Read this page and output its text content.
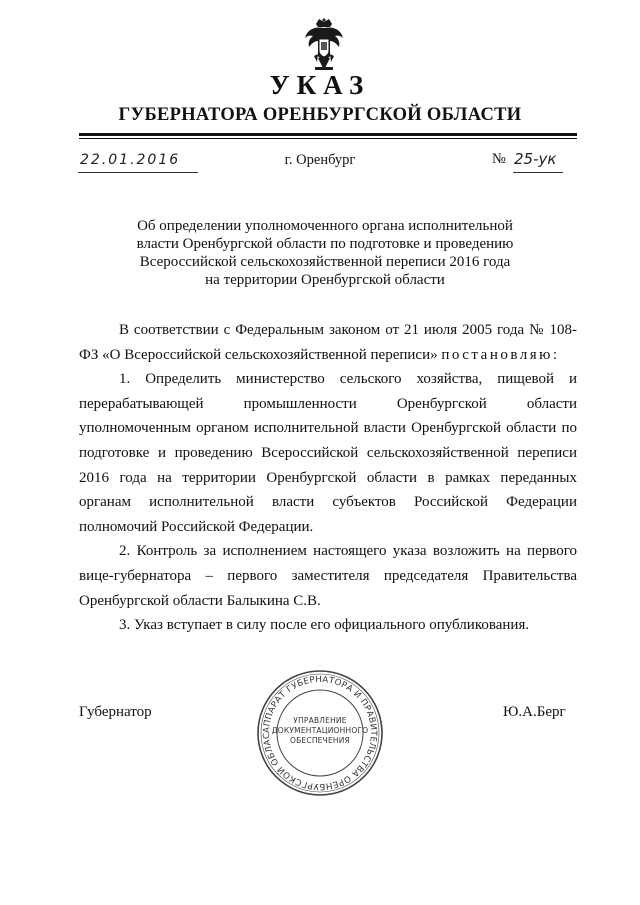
УКАЗ
ГУБЕРНАТОРА ОРЕНБУРГСКОЙ ОБЛАСТИ
22.01.2016	г. Оренбург	№ 25-ук
Об определении уполномоченного органа исполнительной
власти Оренбургской области по подготовке и проведению
Всероссийской сельскохозяйственной переписи 2016 года
на территории Оренбургской области

В соответствии с Федеральным законом от 21 июля 2005 года № 108-ФЗ «О Всероссийской сельскохозяйственной переписи» постановляю:

1. Определить министерство сельского хозяйства, пищевой и перерабатывающей промышленности Оренбургской области уполномоченным органом исполнительной власти Оренбургской области по подготовке и проведению Всероссийской сельскохозяйственной переписи 2016 года на территории Оренбургской области в рамках переданных органам исполнительной власти субъектов Российской Федерации полномочий Российской Федерации.

2. Контроль за исполнением настоящего указа возложить на первого вице-губернатора – первого заместителя председателя Правительства Оренбургской области Балыкина С.В.

3. Указ вступает в силу после его официального опубликования.

Губернатор	Ю.А.Берг
АППАРАТ ГУБЕРНАТОРА И ПРАВИТЕЛЬСТВА ОРЕНБУРГСКОЙ ОБЛАС
УПРАВЛЕНИЕ
ДОКУМЕНТАЦИОННОГО
ОБЕСПЕЧЕНИЯ
